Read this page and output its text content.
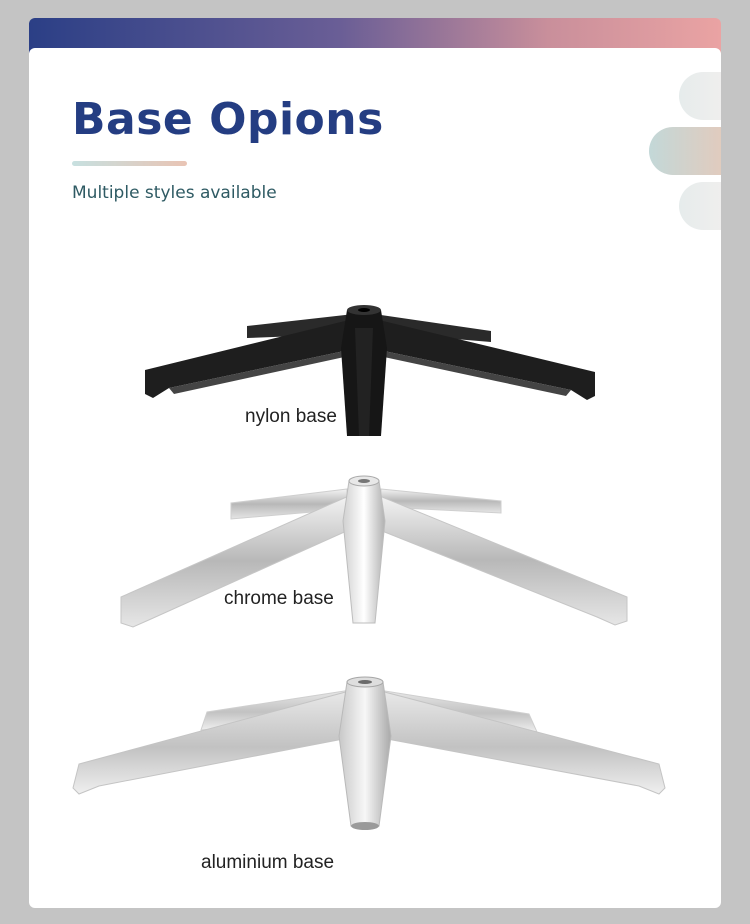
Base Opions

Multiple styles available

nylon base
chrome base
aluminium base
